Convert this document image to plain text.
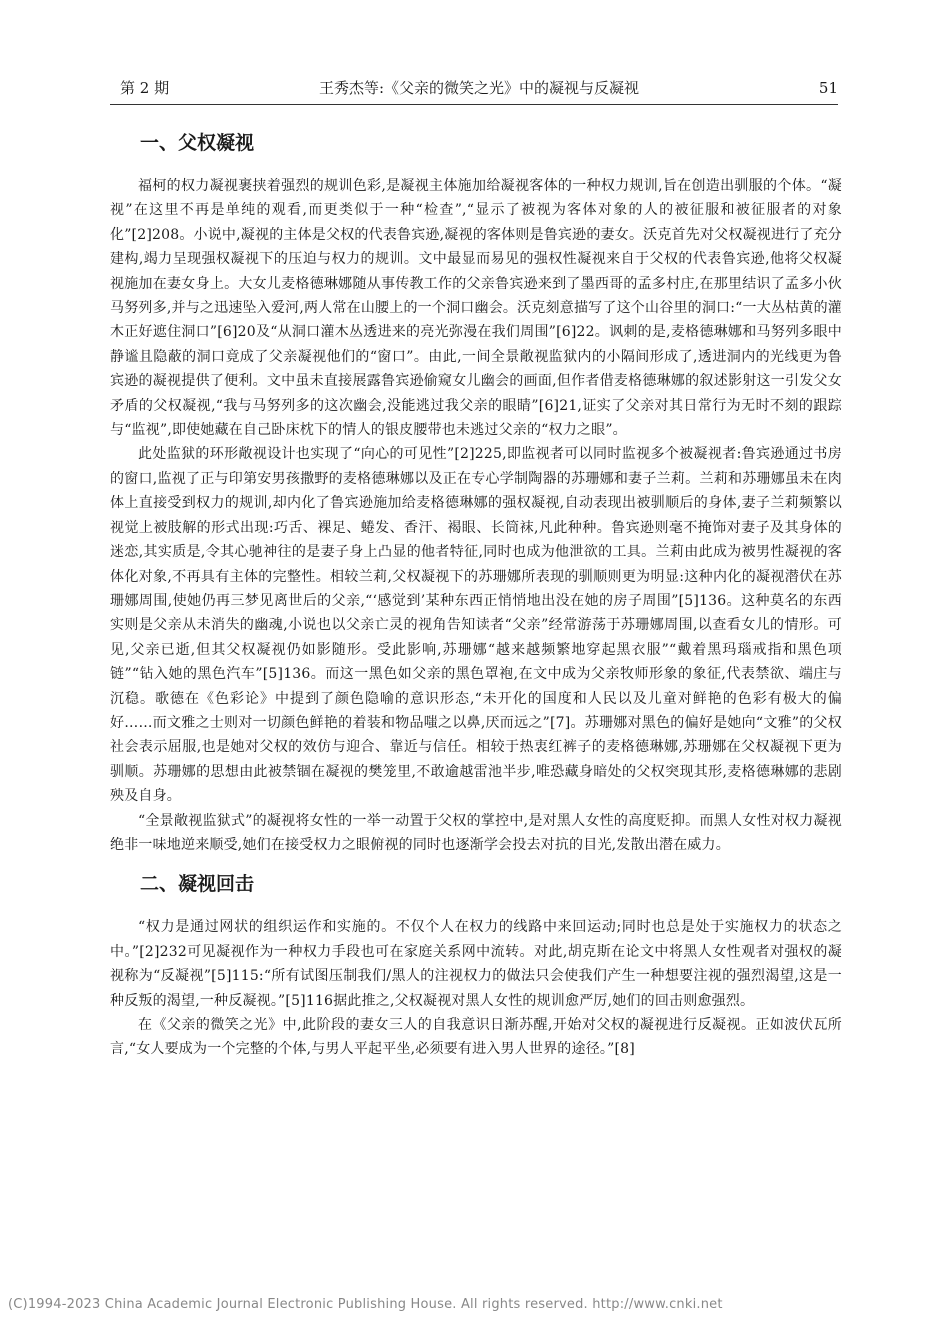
第 2 期	王秀杰等:《父亲的微笑之光》中的凝视与反凝视	51
一、父权凝视

福柯的权力凝视裹挟着强烈的规训色彩,是凝视主体施加给凝视客体的一种权力规训,旨在创造出驯服的个体。“凝视”在这里不再是单纯的观看,而更类似于一种“检查”,“显示了被视为客体对象的人的被征服和被征服者的对象化”[2]208。小说中,凝视的主体是父权的代表鲁宾逊,凝视的客体则是鲁宾逊的妻女。沃克首先对父权凝视进行了充分建构,竭力呈现强权凝视下的压迫与权力的规训。文中最显而易见的强权性凝视来自于父权的代表鲁宾逊,他将父权凝视施加在妻女身上。大女儿麦格德琳娜随从事传教工作的父亲鲁宾逊来到了墨西哥的孟多村庄,在那里结识了孟多小伙马努列多,并与之迅速坠入爱河,两人常在山腰上的一个洞口幽会。沃克刻意描写了这个山谷里的洞口:“一大丛枯黄的灌木正好遮住洞口”[6]20及“从洞口灌木丛透进来的亮光弥漫在我们周围”[6]22。讽刺的是,麦格德琳娜和马努列多眼中静谧且隐蔽的洞口竟成了父亲凝视他们的“窗口”。由此,一间全景敞视监狱内的小隔间形成了,透进洞内的光线更为鲁宾逊的凝视提供了便利。文中虽未直接展露鲁宾逊偷窥女儿幽会的画面,但作者借麦格德琳娜的叙述影射这一引发父女矛盾的父权凝视,“我与马努列多的这次幽会,没能逃过我父亲的眼睛”[6]21,证实了父亲对其日常行为无时不刻的跟踪与“监视”,即使她藏在自己卧床枕下的情人的银皮腰带也未逃过父亲的“权力之眼”。

此处监狱的环形敞视设计也实现了“向心的可见性”[2]225,即监视者可以同时监视多个被凝视者:鲁宾逊通过书房的窗口,监视了正与印第安男孩撒野的麦格德琳娜以及正在专心学制陶器的苏珊娜和妻子兰莉。兰莉和苏珊娜虽未在肉体上直接受到权力的规训,却内化了鲁宾逊施加给麦格德琳娜的强权凝视,自动表现出被驯顺后的身体,妻子兰莉频繁以视觉上被肢解的形式出现:巧舌、裸足、蜷发、香汗、褐眼、长筒袜,凡此种种。鲁宾逊则毫不掩饰对妻子及其身体的迷恋,其实质是,令其心驰神往的是妻子身上凸显的他者特征,同时也成为他泄欲的工具。兰莉由此成为被男性凝视的客体化对象,不再具有主体的完整性。相较兰莉,父权凝视下的苏珊娜所表现的驯顺则更为明显:这种内化的凝视潜伏在苏珊娜周围,使她仍再三梦见离世后的父亲,“‘感觉到’某种东西正悄悄地出没在她的房子周围”[5]136。这种莫名的东西实则是父亲从未消失的幽魂,小说也以父亲亡灵的视角告知读者“父亲”经常游荡于苏珊娜周围,以查看女儿的情形。可见,父亲已逝,但其父权凝视仍如影随形。受此影响,苏珊娜“越来越频繁地穿起黑衣服”“戴着黑玛瑙戒指和黑色项链”“钻入她的黑色汽车”[5]136。而这一黑色如父亲的黑色罩袍,在文中成为父亲牧师形象的象征,代表禁欲、端庄与沉稳。歌德在《色彩论》中提到了颜色隐喻的意识形态,“未开化的国度和人民以及儿童对鲜艳的色彩有极大的偏好……而文雅之士则对一切颜色鲜艳的着装和物品嗤之以鼻,厌而远之”[7]。苏珊娜对黑色的偏好是她向“文雅”的父权社会表示屈服,也是她对父权的效仿与迎合、靠近与信任。相较于热衷红裤子的麦格德琳娜,苏珊娜在父权凝视下更为驯顺。苏珊娜的思想由此被禁锢在凝视的樊笼里,不敢逾越雷池半步,唯恐藏身暗处的父权突现其形,麦格德琳娜的悲剧殃及自身。

“全景敞视监狱式”的凝视将女性的一举一动置于父权的掌控中,是对黑人女性的高度贬抑。而黑人女性对权力凝视绝非一味地逆来顺受,她们在接受权力之眼俯视的同时也逐渐学会投去对抗的目光,发散出潜在威力。

二、凝视回击

“权力是通过网状的组织运作和实施的。不仅个人在权力的线路中来回运动;同时也总是处于实施权力的状态之中。”[2]232可见凝视作为一种权力手段也可在家庭关系网中流转。对此,胡克斯在论文中将黑人女性观者对强权的凝视称为“反凝视”[5]115:“所有试图压制我们/黑人的注视权力的做法只会使我们产生一种想要注视的强烈渴望,这是一种反叛的渴望,一种反凝视。”[5]116据此推之,父权凝视对黑人女性的规训愈严厉,她们的回击则愈强烈。

在《父亲的微笑之光》中,此阶段的妻女三人的自我意识日渐苏醒,开始对父权的凝视进行反凝视。正如波伏瓦所言,“女人要成为一个完整的个体,与男人平起平坐,必须要有进入男人世界的途径。”[8]

(C)1994-2023 China Academic Journal Electronic Publishing House. All rights reserved. http://www.cnki.net
